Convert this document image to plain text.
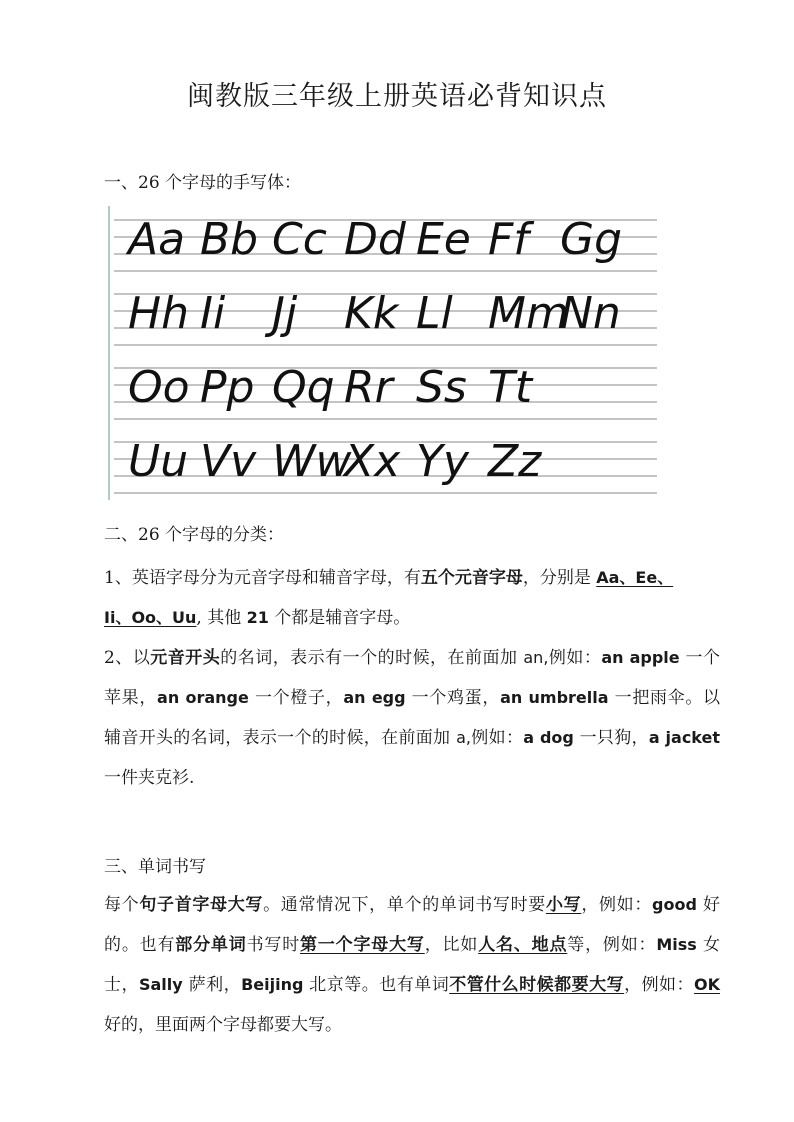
闽教版三年级上册英语必背知识点
一、26 个字母的手写体：
Aa Bb Cc Dd Ee Ff Gg
Hh Ii Jj Kk Ll Mm
Nn
Oo Pp Qq Rr Ss Tt
Uu Vv Ww
Xx Yy Zz
二、26 个字母的分类：
1、英语字母分为元音字母和辅音字母，有五个元音字母，分别是 Aa、Ee、
Ii、Oo、Uu, 其他 21 个都是辅音字母。
2、以元音开头的名词，表示有一个的时候，在前面加 an,例如：an apple 一个苹果，an orange 一个橙子，an egg 一个鸡蛋，an umbrella 一把雨伞。以辅音开头的名词，表示一个的时候，在前面加 a,例如：a dog 一只狗，a jacket 一件夹克衫.
三、单词书写
每个句子首字母大写。通常情况下，单个的单词书写时要小写，例如：good 好的。也有部分单词书写时第一个字母大写，比如人名、地点等，例如：Miss 女士，Sally 萨利，Beijing 北京等。也有单词不管什么时候都要大写，例如：OK 好的，里面两个字母都要大写。
